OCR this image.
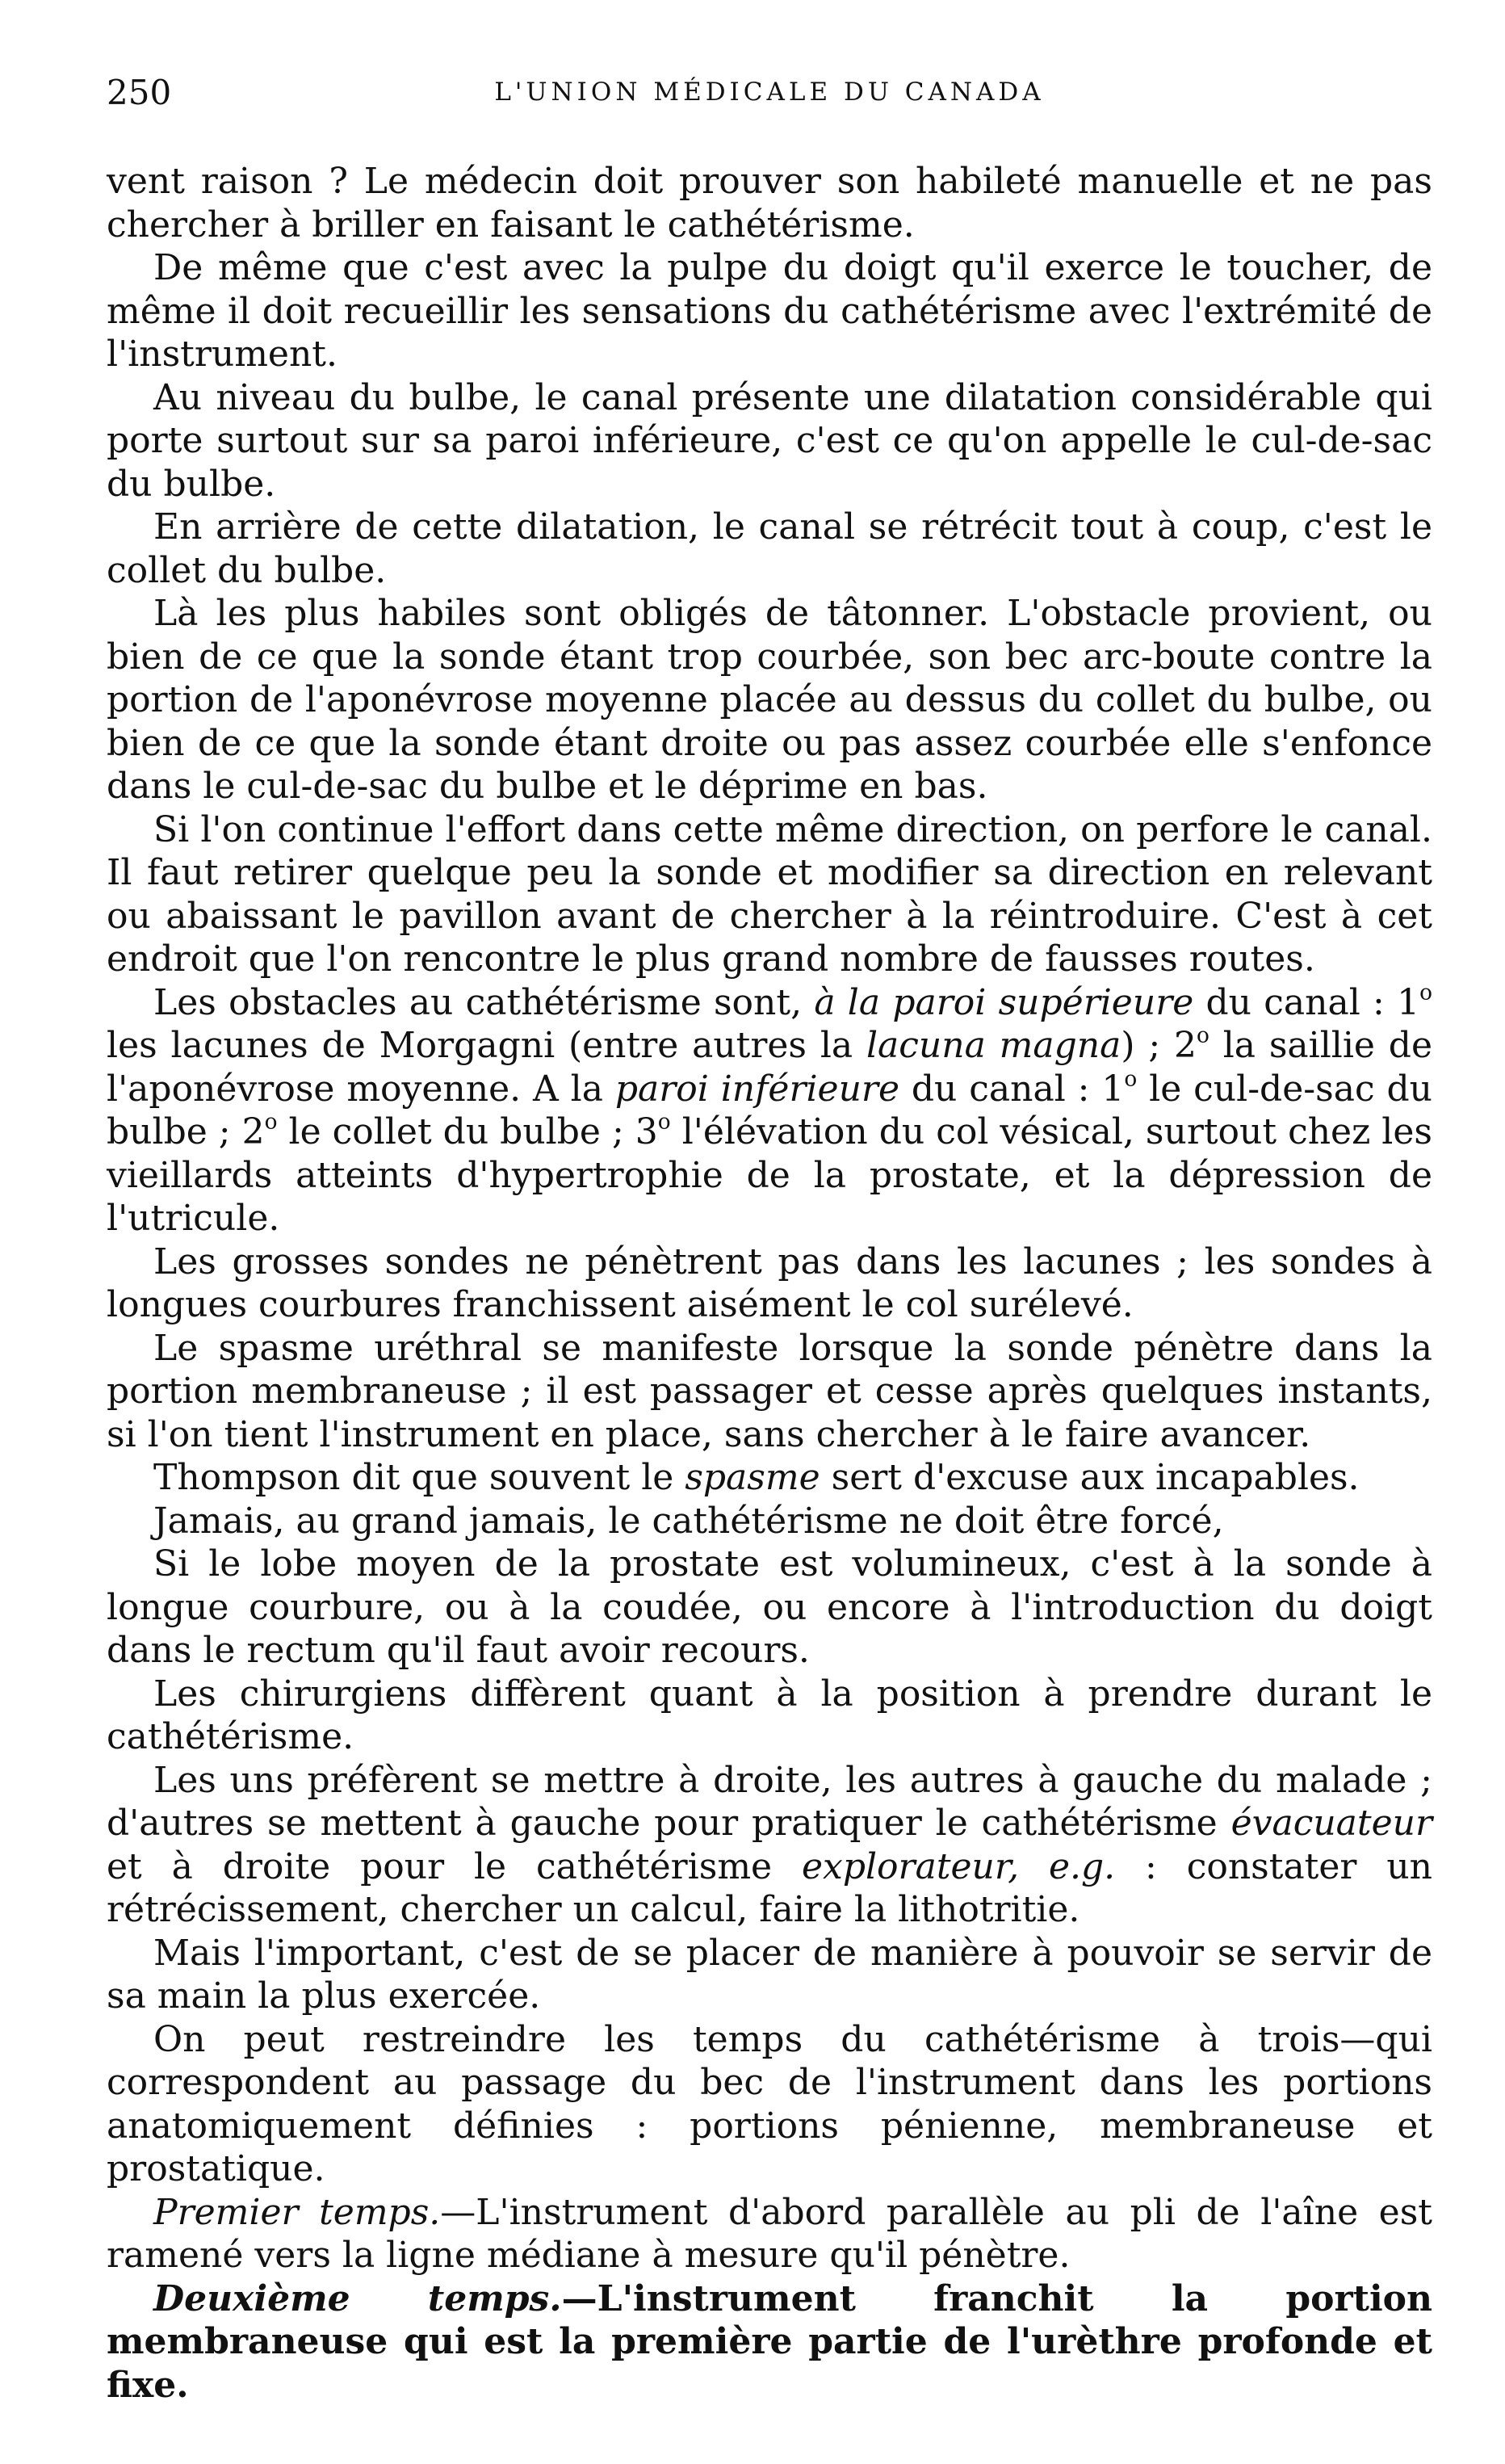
250	L'UNION MÉDICALE DU CANADA

vent raison ? Le médecin doit prouver son habileté manuelle et ne pas chercher à briller en faisant le cathétérisme.

De même que c'est avec la pulpe du doigt qu'il exerce le toucher, de même il doit recueillir les sensations du cathétérisme avec l'extrémité de l'instrument.

Au niveau du bulbe, le canal présente une dilatation considérable qui porte surtout sur sa paroi inférieure, c'est ce qu'on appelle le cul-de-sac du bulbe.

En arrière de cette dilatation, le canal se rétrécit tout à coup, c'est le collet du bulbe.

Là les plus habiles sont obligés de tâtonner. L'obstacle provient, ou bien de ce que la sonde étant trop courbée, son bec arc-boute contre la portion de l'aponévrose moyenne placée au dessus du collet du bulbe, ou bien de ce que la sonde étant droite ou pas assez courbée elle s'enfonce dans le cul-de-sac du bulbe et le déprime en bas.

Si l'on continue l'effort dans cette même direction, on perfore le canal. Il faut retirer quelque peu la sonde et modifier sa direction en relevant ou abaissant le pavillon avant de chercher à la réintroduire. C'est à cet endroit que l'on rencontre le plus grand nombre de fausses routes.

Les obstacles au cathétérisme sont, à la paroi supérieure du canal : 1$^o$ les lacunes de Morgagni (entre autres la lacuna magna) ; 2$^o$ la saillie de l'aponévrose moyenne. A la paroi inférieure du canal : 1$^o$ le cul-de-sac du bulbe ; 2$^o$ le collet du bulbe ; 3$^o$ l'élévation du col vésical, surtout chez les vieillards atteints d'hypertrophie de la prostate, et la dépression de l'utricule.

Les grosses sondes ne pénètrent pas dans les lacunes ; les sondes à longues courbures franchissent aisément le col surélevé.

Le spasme uréthral se manifeste lorsque la sonde pénètre dans la portion membraneuse ; il est passager et cesse après quelques instants, si l'on tient l'instrument en place, sans chercher à le faire avancer.

Thompson dit que souvent le spasme sert d'excuse aux incapables.

Jamais, au grand jamais, le cathétérisme ne doit être forcé,

Si le lobe moyen de la prostate est volumineux, c'est à la sonde à longue courbure, ou à la coudée, ou encore à l'introduction du doigt dans le rectum qu'il faut avoir recours.

Les chirurgiens diffèrent quant à la position à prendre durant le cathétérisme.

Les uns préfèrent se mettre à droite, les autres à gauche du malade ; d'autres se mettent à gauche pour pratiquer le cathétérisme évacuateur et à droite pour le cathétérisme explorateur, e.g. : constater un rétrécissement, chercher un calcul, faire la lithotritie.

Mais l'important, c'est de se placer de manière à pouvoir se servir de sa main la plus exercée.

On peut restreindre les temps du cathétérisme à trois—qui correspondent au passage du bec de l'instrument dans les portions anatomiquement définies : portions pénienne, membraneuse et prostatique.

Premier temps.—L'instrument d'abord parallèle au pli de l'aîne est ramené vers la ligne médiane à mesure qu'il pénètre.

Deuxième temps.—L'instrument franchit la portion membraneuse qui est la première partie de l'urèthre profonde et fixe.
